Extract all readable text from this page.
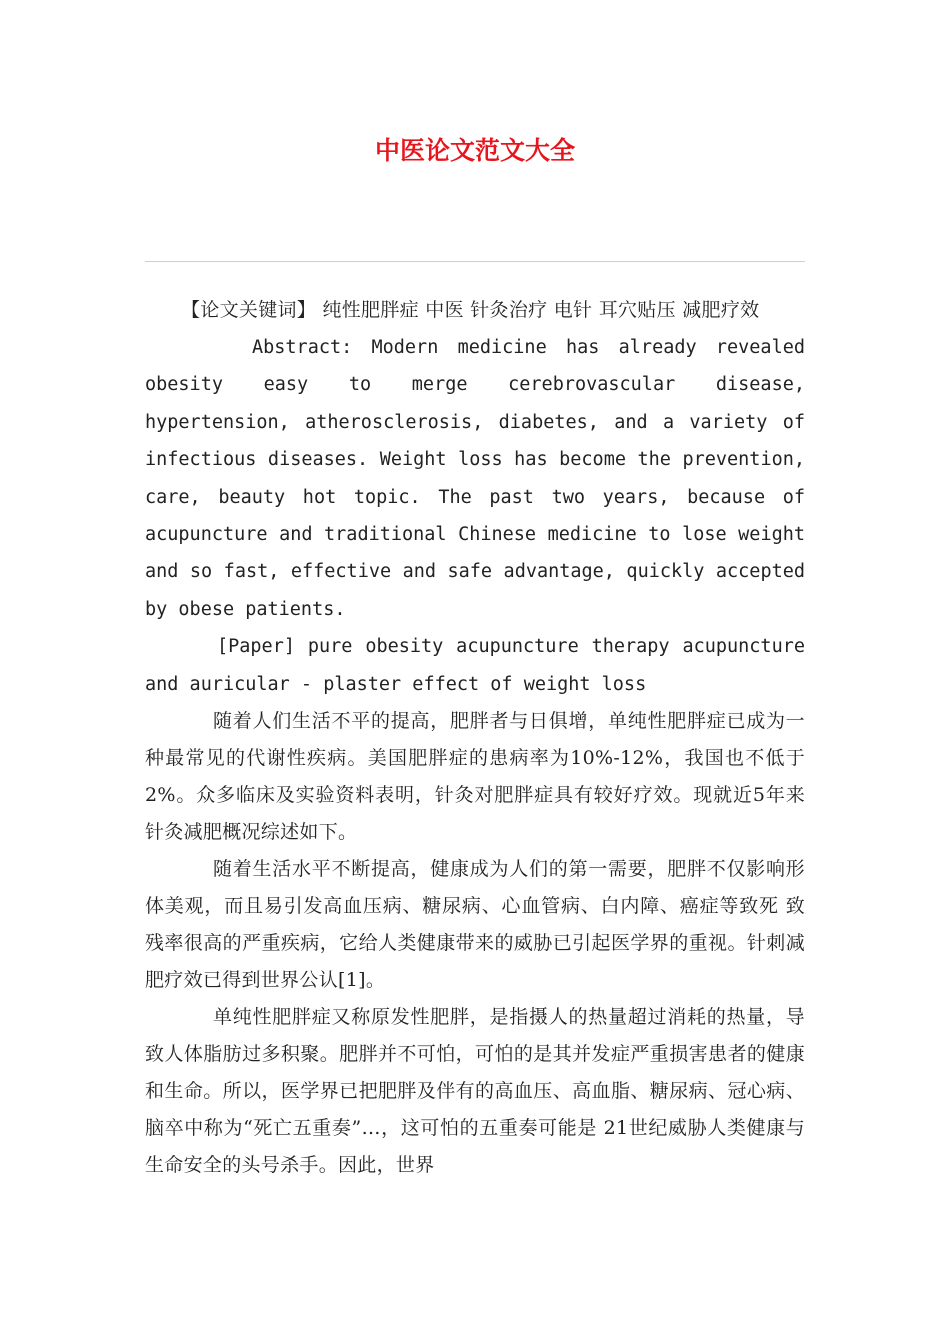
中医论文范文大全

【论文关键词】 纯性肥胖症 中医 针灸治疗 电针 耳穴贴压 减肥疗效

Abstract: Modern medicine has already revealed obesity easy to merge cerebrovascular disease, hypertension, atherosclerosis, diabetes, and a variety of infectious diseases. Weight loss has become the prevention, care, beauty hot topic. The past two years, because of acupuncture and traditional Chinese medicine to lose weight and so fast, effective and safe advantage, quickly accepted by obese patients.

[Paper] pure obesity acupuncture therapy acupuncture and auricular - plaster effect of weight loss

随着人们生活不平的提高，肥胖者与日俱增，单纯性肥胖症已成为一种最常见的代谢性疾病。美国肥胖症的患病率为10%-12%，我国也不低于2%。众多临床及实验资料表明，针灸对肥胖症具有较好疗效。现就近5年来针灸减肥概况综述如下。

随着生活水平不断提高，健康成为人们的第一需要，肥胖不仅影响形体美观，而且易引发高血压病、糖尿病、心血管病、白内障、癌症等致死 致残率很高的严重疾病，它给人类健康带来的威胁已引起医学界的重视。针刺减肥疗效已得到世界公认[1]。

单纯性肥胖症又称原发性肥胖，是指摄人的热量超过消耗的热量，导致人体脂肪过多积聚。肥胖并不可怕，可怕的是其并发症严重损害患者的健康和生命。所以，医学界已把肥胖及伴有的高血压、高血脂、糖尿病、冠心病、脑卒中称为“死亡五重奏”…，这可怕的五重奏可能是 21世纪威胁人类健康与生命安全的头号杀手。因此，世界
